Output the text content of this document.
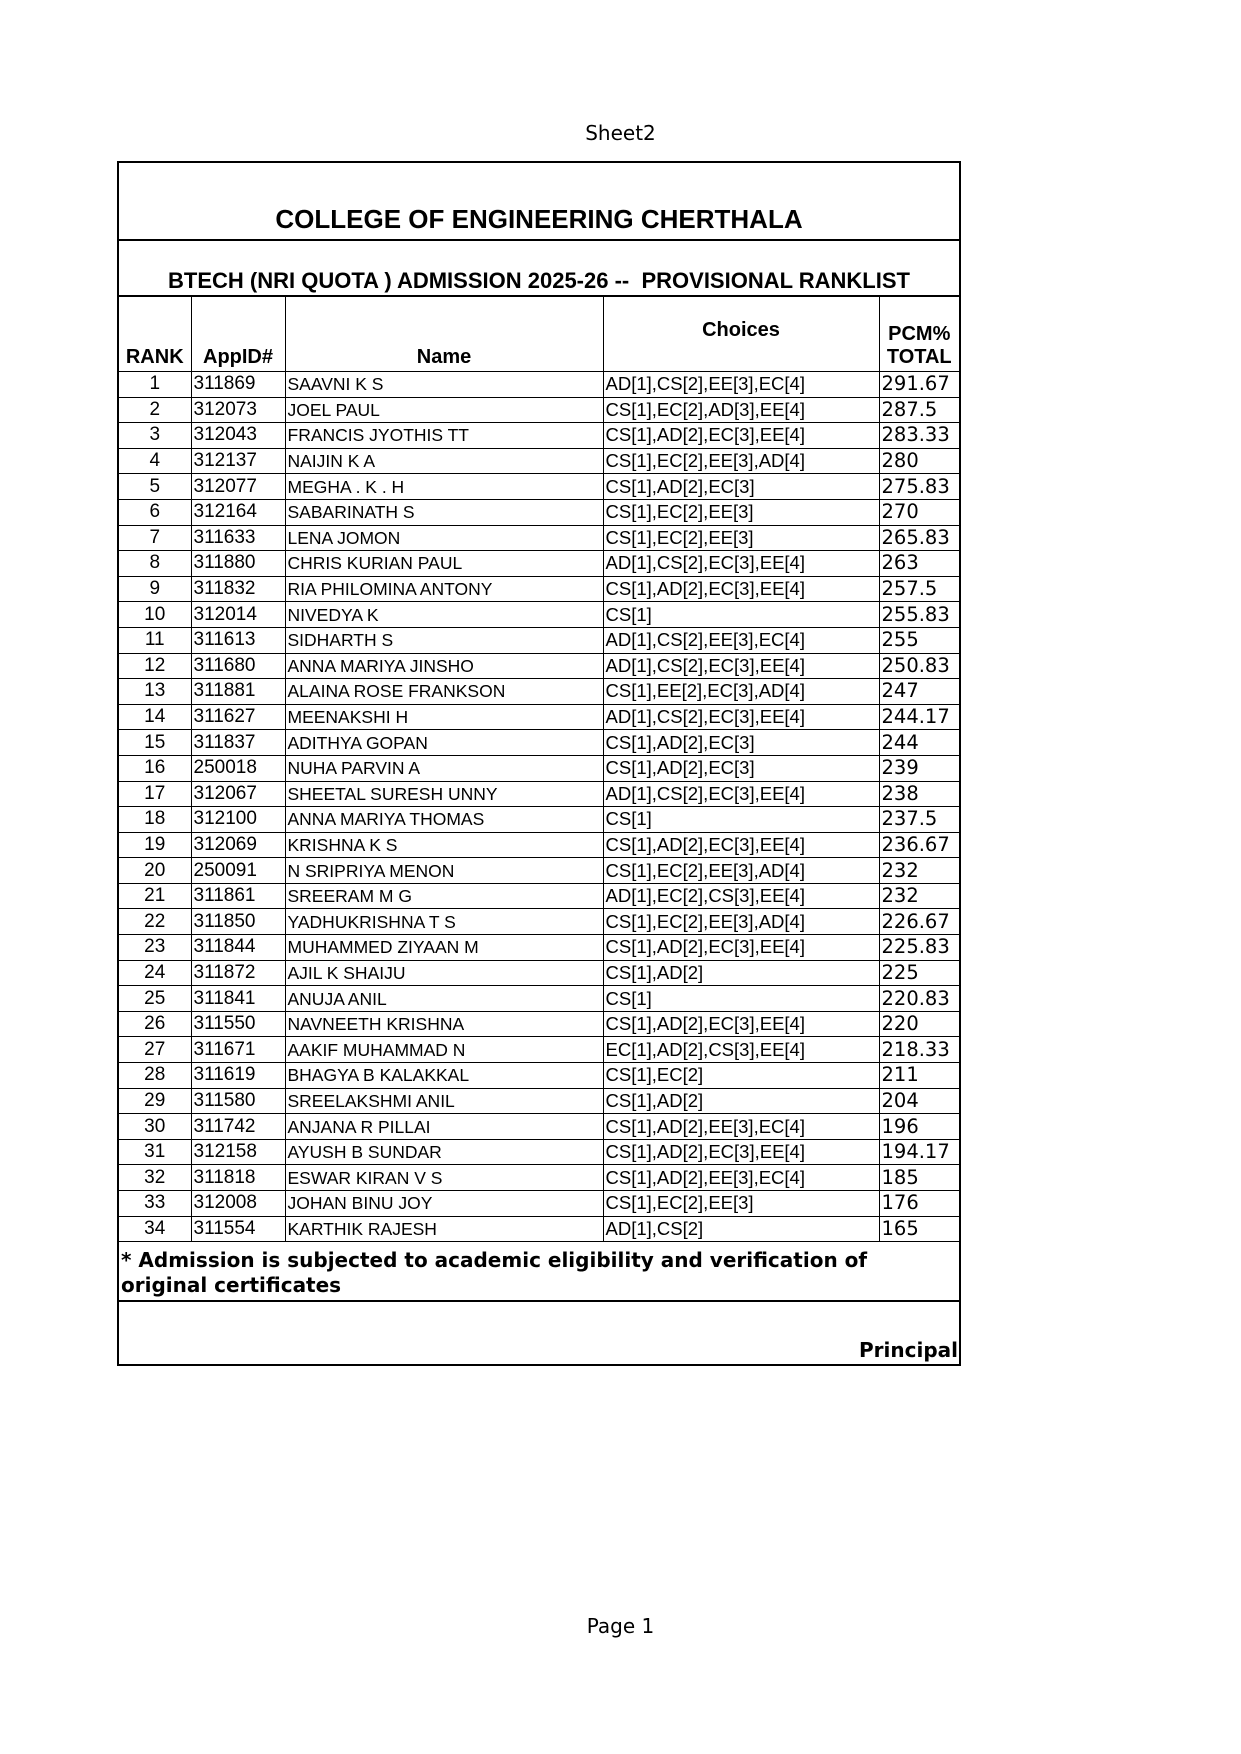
Sheet2
COLLEGE OF ENGINEERING CHERTHALA
BTECH (NRI QUOTA ) ADMISSION 2025-26 --  PROVISIONAL RANKLIST
RANK	AppID#	Name	Choices	PCM%
TOTAL
1	311869	SAAVNI K S	AD[1],CS[2],EE[3],EC[4]	291.67
2	312073	JOEL PAUL	CS[1],EC[2],AD[3],EE[4]	287.5
3	312043	FRANCIS JYOTHIS TT	CS[1],AD[2],EC[3],EE[4]	283.33
4	312137	NAIJIN K A	CS[1],EC[2],EE[3],AD[4]	280
5	312077	MEGHA . K . H	CS[1],AD[2],EC[3]	275.83
6	312164	SABARINATH S	CS[1],EC[2],EE[3]	270
7	311633	LENA JOMON	CS[1],EC[2],EE[3]	265.83
8	311880	CHRIS KURIAN PAUL	AD[1],CS[2],EC[3],EE[4]	263
9	311832	RIA PHILOMINA ANTONY	CS[1],AD[2],EC[3],EE[4]	257.5
10	312014	NIVEDYA K	CS[1]	255.83
11	311613	SIDHARTH S	AD[1],CS[2],EE[3],EC[4]	255
12	311680	ANNA MARIYA JINSHO	AD[1],CS[2],EC[3],EE[4]	250.83
13	311881	ALAINA ROSE FRANKSON	CS[1],EE[2],EC[3],AD[4]	247
14	311627	MEENAKSHI H	AD[1],CS[2],EC[3],EE[4]	244.17
15	311837	ADITHYA GOPAN	CS[1],AD[2],EC[3]	244
16	250018	NUHA PARVIN A	CS[1],AD[2],EC[3]	239
17	312067	SHEETAL SURESH UNNY	AD[1],CS[2],EC[3],EE[4]	238
18	312100	ANNA MARIYA THOMAS	CS[1]	237.5
19	312069	KRISHNA K S	CS[1],AD[2],EC[3],EE[4]	236.67
20	250091	N SRIPRIYA MENON	CS[1],EC[2],EE[3],AD[4]	232
21	311861	SREERAM M G	AD[1],EC[2],CS[3],EE[4]	232
22	311850	YADHUKRISHNA T S	CS[1],EC[2],EE[3],AD[4]	226.67
23	311844	MUHAMMED ZIYAAN M	CS[1],AD[2],EC[3],EE[4]	225.83
24	311872	AJIL K SHAIJU	CS[1],AD[2]	225
25	311841	ANUJA ANIL	CS[1]	220.83
26	311550	NAVNEETH KRISHNA	CS[1],AD[2],EC[3],EE[4]	220
27	311671	AAKIF MUHAMMAD N	EC[1],AD[2],CS[3],EE[4]	218.33
28	311619	BHAGYA B KALAKKAL	CS[1],EC[2]	211
29	311580	SREELAKSHMI ANIL	CS[1],AD[2]	204
30	311742	ANJANA R PILLAI	CS[1],AD[2],EE[3],EC[4]	196
31	312158	AYUSH B SUNDAR	CS[1],AD[2],EC[3],EE[4]	194.17
32	311818	ESWAR KIRAN V S	CS[1],AD[2],EE[3],EC[4]	185
33	312008	JOHAN BINU JOY	CS[1],EC[2],EE[3]	176
34	311554	KARTHIK RAJESH	AD[1],CS[2]	165
* Admission is subjected to academic eligibility and verification of original certificates
Principal
Page 1
